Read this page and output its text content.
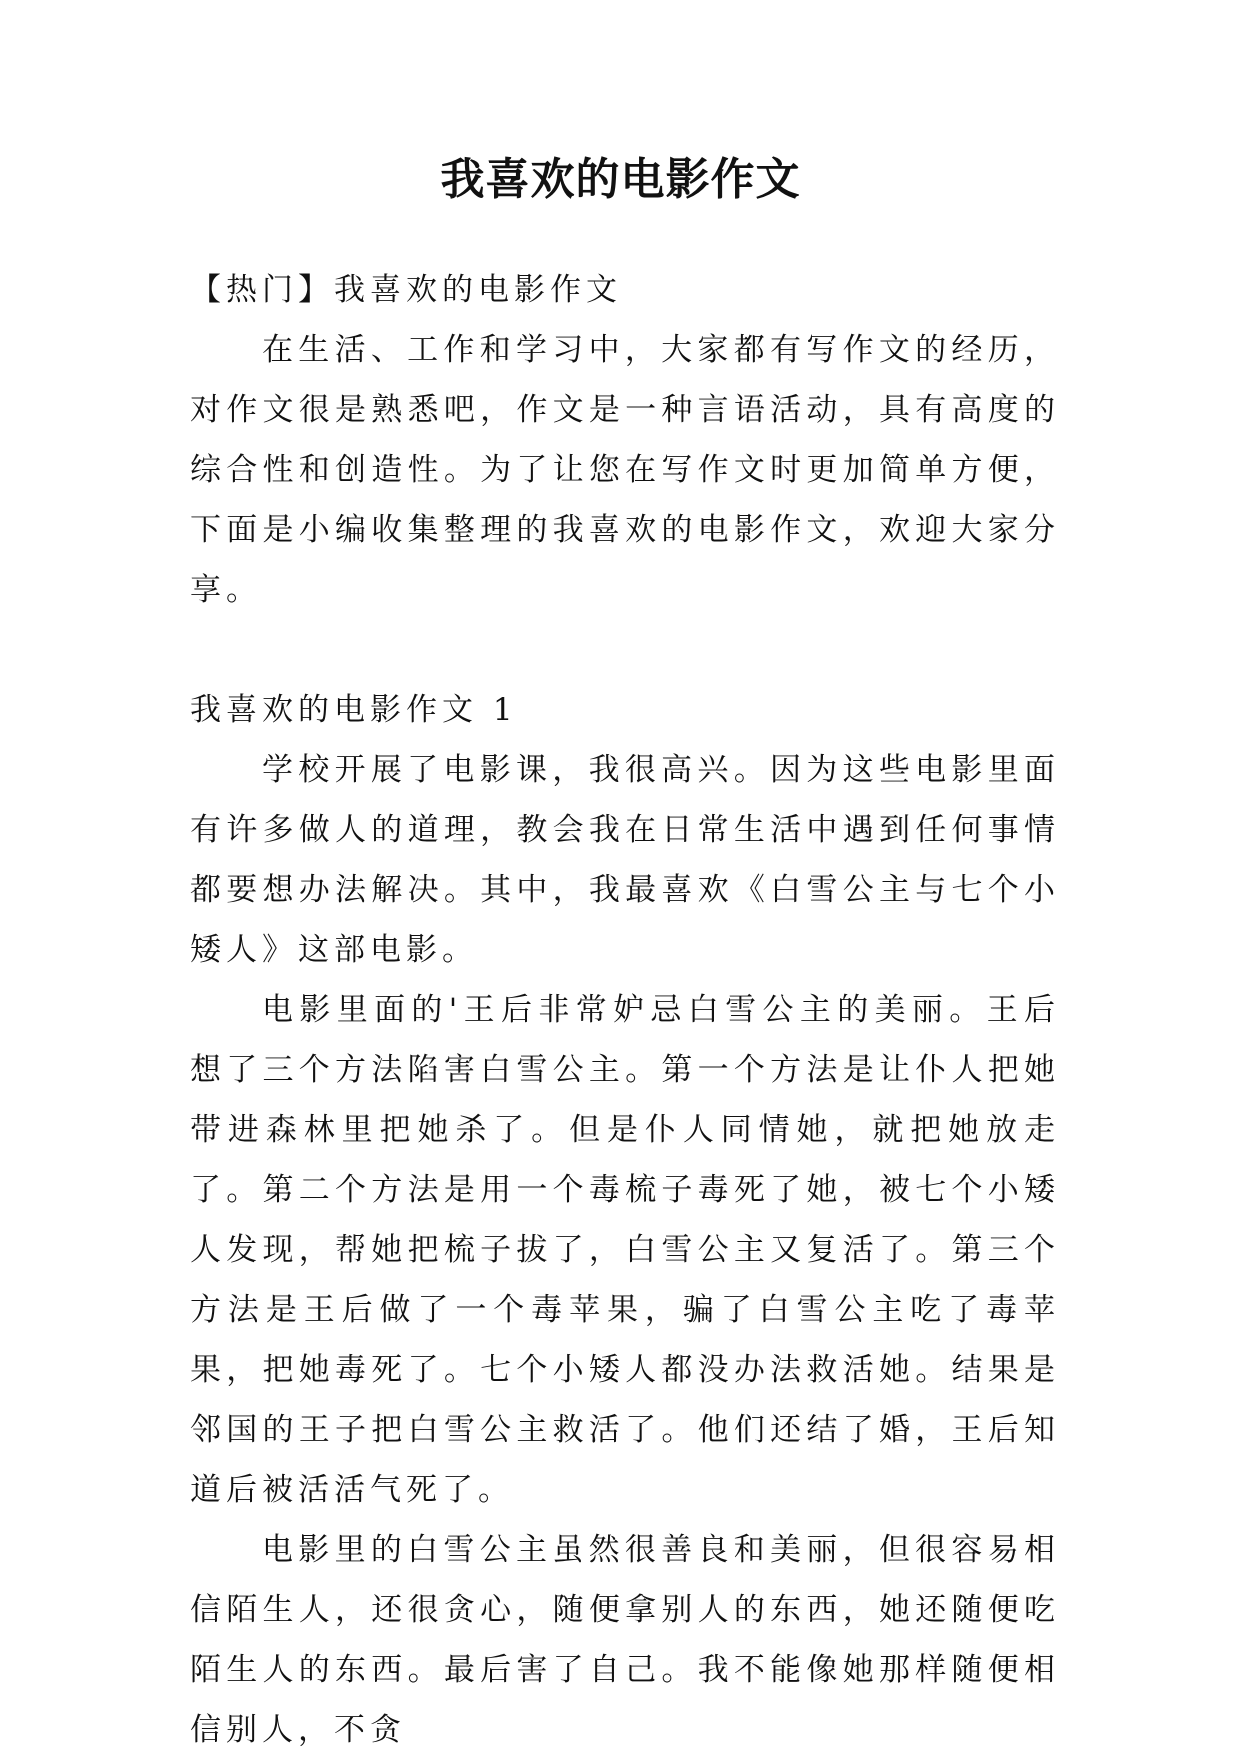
我喜欢的电影作文

【热门】我喜欢的电影作文

在生活、工作和学习中，大家都有写作文的经历，对作文很是熟悉吧，作文是一种言语活动，具有高度的综合性和创造性。为了让您在写作文时更加简单方便，下面是小编收集整理的我喜欢的电影作文，欢迎大家分享。

我喜欢的电影作文 1

学校开展了电影课，我很高兴。因为这些电影里面有许多做人的道理，教会我在日常生活中遇到任何事情都要想办法解决。其中，我最喜欢《白雪公主与七个小矮人》这部电影。

电影里面的'王后非常妒忌白雪公主的美丽。王后想了三个方法陷害白雪公主。第一个方法是让仆人把她带进森林里把她杀了。但是仆人同情她，就把她放走了。第二个方法是用一个毒梳子毒死了她，被七个小矮人发现，帮她把梳子拔了，白雪公主又复活了。第三个方法是王后做了一个毒苹果，骗了白雪公主吃了毒苹果，把她毒死了。七个小矮人都没办法救活她。结果是邻国的王子把白雪公主救活了。他们还结了婚，王后知道后被活活气死了。

电影里的白雪公主虽然很善良和美丽，但很容易相信陌生人，还很贪心，随便拿别人的东西，她还随便吃陌生人的东西。最后害了自己。我不能像她那样随便相信别人，不贪
